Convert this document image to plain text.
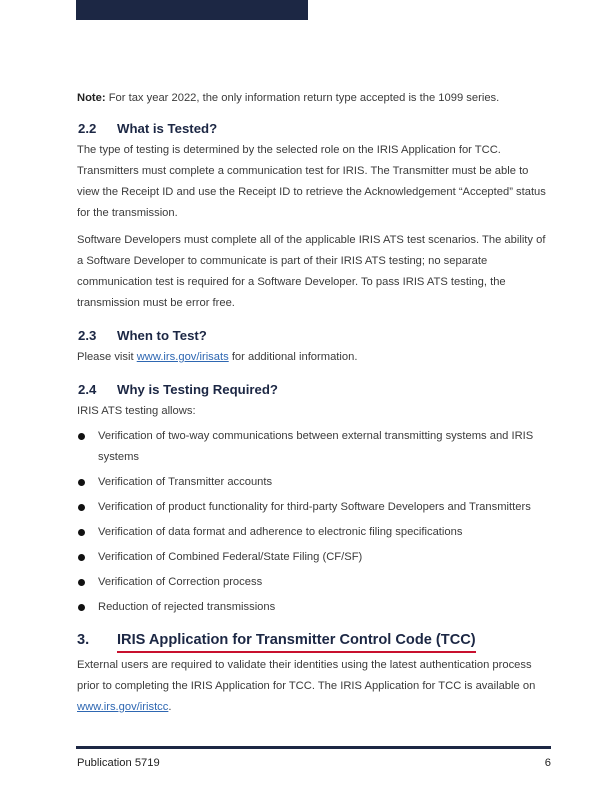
Note: For tax year 2022, the only information return type accepted is the 1099 series.

2.2 What is Tested?

The type of testing is determined by the selected role on the IRIS Application for TCC. Transmitters must complete a communication test for IRIS. The Transmitter must be able to view the Receipt ID and use the Receipt ID to retrieve the Acknowledgement “Accepted” status for the transmission.

Software Developers must complete all of the applicable IRIS ATS test scenarios. The ability of a Software Developer to communicate is part of their IRIS ATS testing; no separate communication test is required for a Software Developer. To pass IRIS ATS testing, the transmission must be error free.

2.3 When to Test?

Please visit www.irs.gov/irisats for additional information.

2.4 Why is Testing Required?

IRIS ATS testing allows:

Verification of two-way communications between external transmitting systems and IRIS systems
Verification of Transmitter accounts
Verification of product functionality for third-party Software Developers and Transmitters
Verification of data format and adherence to electronic filing specifications
Verification of Combined Federal/State Filing (CF/SF)
Verification of Correction process
Reduction of rejected transmissions
3. IRIS Application for Transmitter Control Code (TCC)

External users are required to validate their identities using the latest authentication process prior to completing the IRIS Application for TCC. The IRIS Application for TCC is available on www.irs.gov/iristcc.

Publication 5719	6
